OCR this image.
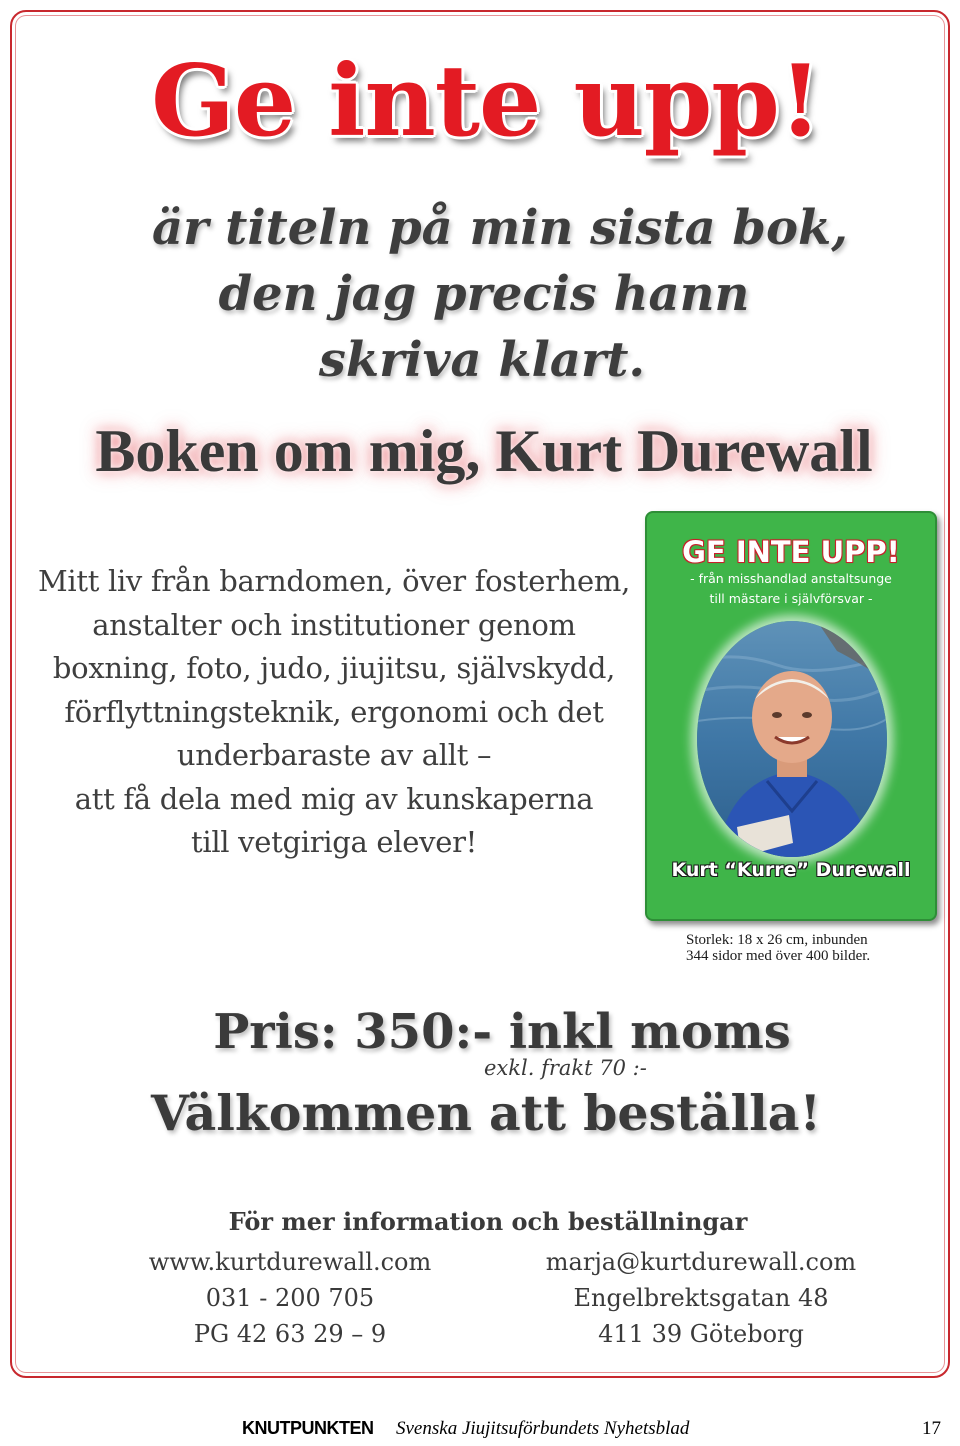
Ge inte upp!
är titeln på min sista bok,
den jag precis hann
skriva klart.
Boken om mig, Kurt Durewall
Mitt liv från barndomen, över fosterhem,
anstalter och institutioner genom
boxning, foto, judo, jiujitsu, självskydd,
förflyttningsteknik, ergonomi och det
underbaraste av allt –
att få dela med mig av kunskaperna
till vetgiriga elever!
GE INTE UPP!
- från misshandlad anstaltsunge
till mästare i självförsvar -
Kurt “Kurre” Durewall
Storlek: 18 x 26 cm, inbunden
344 sidor med över 400 bilder.
Pris: 350:- inkl moms
exkl. frakt 70 :-
Välkommen att beställa!
För mer information och beställningar
www.kurtdurewall.com
031 - 200 705
PG 42 63 29 – 9
marja@kurtdurewall.com
Engelbrektsgatan 48
411 39 Göteborg
KNUTPUNKTEN Svenska Jiujitsuförbundets Nyhetsblad	17
